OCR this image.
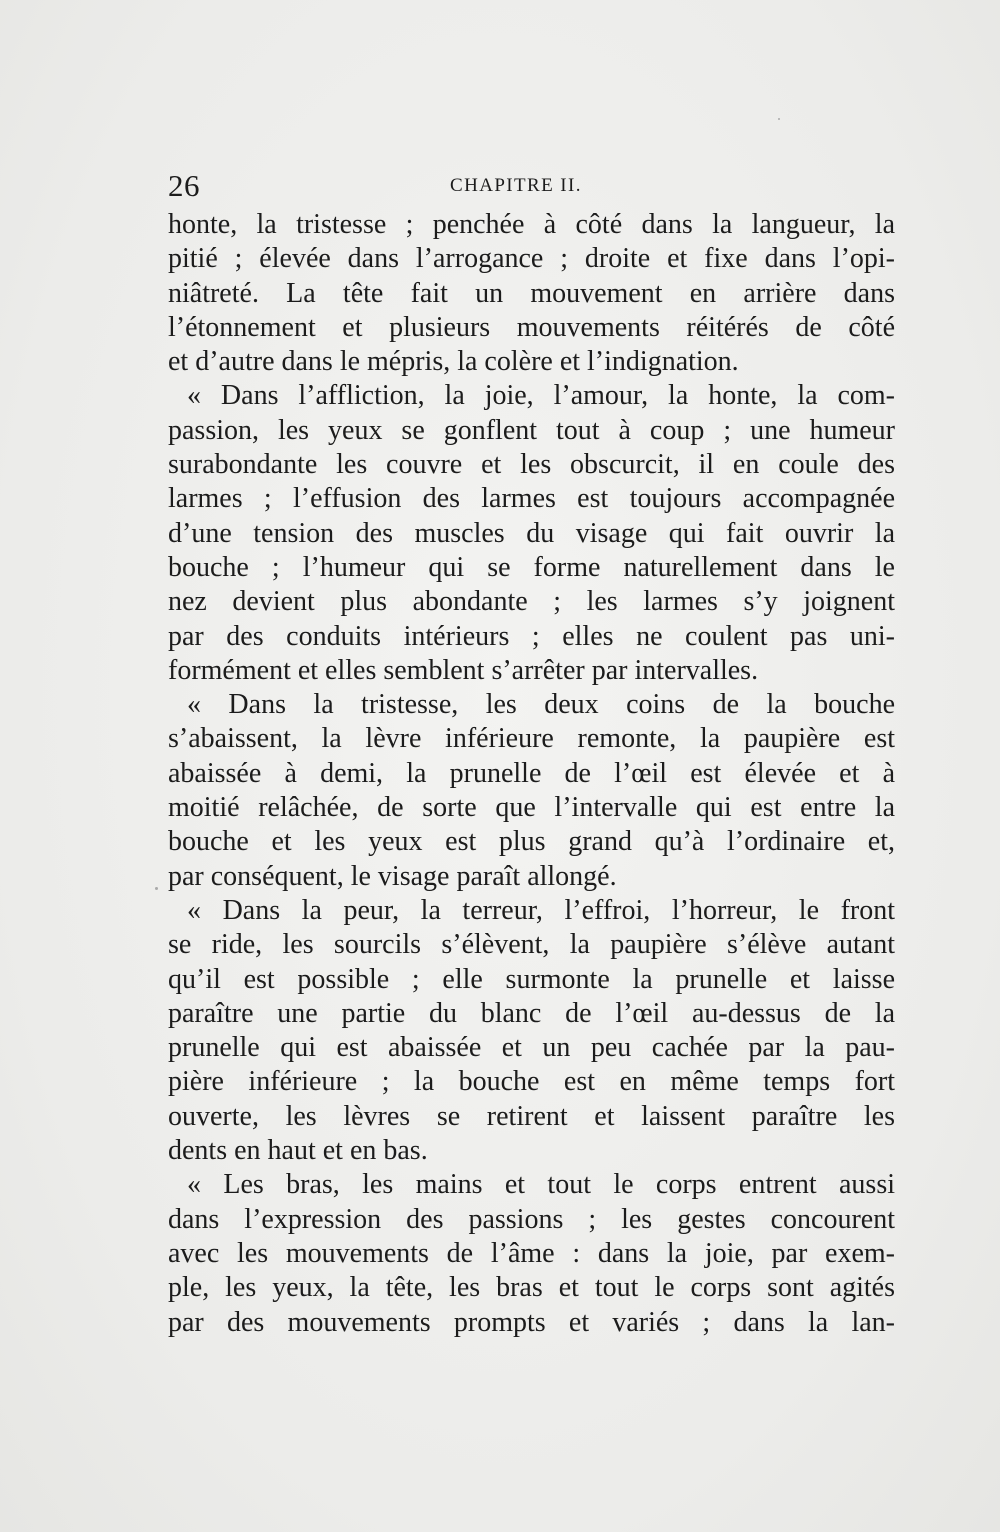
26	CHAPITRE II.
honte, la tristesse ; penchée à côté dans la langueur, la
pitié ; élevée dans l’arrogance ; droite et fixe dans l’opi-
niâtreté. La tête fait un mouvement en arrière dans
l’étonnement et plusieurs mouvements réitérés de côté
et d’autre dans le mépris, la colère et l’indignation.
« Dans l’affliction, la joie, l’amour, la honte, la com-
passion, les yeux se gonflent tout à coup ; une humeur
surabondante les couvre et les obscurcit, il en coule des
larmes ; l’effusion des larmes est toujours accompagnée
d’une tension des muscles du visage qui fait ouvrir la
bouche ; l’humeur qui se forme naturellement dans le
nez devient plus abondante ; les larmes s’y joignent
par des conduits intérieurs ; elles ne coulent pas uni-
formément et elles semblent s’arrêter par intervalles.
« Dans la tristesse, les deux coins de la bouche
s’abaissent, la lèvre inférieure remonte, la paupière est
abaissée à demi, la prunelle de l’œil est élevée et à
moitié relâchée, de sorte que l’intervalle qui est entre la
bouche et les yeux est plus grand qu’à l’ordinaire et,
par conséquent, le visage paraît allongé.
« Dans la peur, la terreur, l’effroi, l’horreur, le front
se ride, les sourcils s’élèvent, la paupière s’élève autant
qu’il est possible ; elle surmonte la prunelle et laisse
paraître une partie du blanc de l’œil au-dessus de la
prunelle qui est abaissée et un peu cachée par la pau-
pière inférieure ; la bouche est en même temps fort
ouverte, les lèvres se retirent et laissent paraître les
dents en haut et en bas.
« Les bras, les mains et tout le corps entrent aussi
dans l’expression des passions ; les gestes concourent
avec les mouvements de l’âme : dans la joie, par exem-
ple, les yeux, la tête, les bras et tout le corps sont agités
par des mouvements prompts et variés ; dans la lan-
